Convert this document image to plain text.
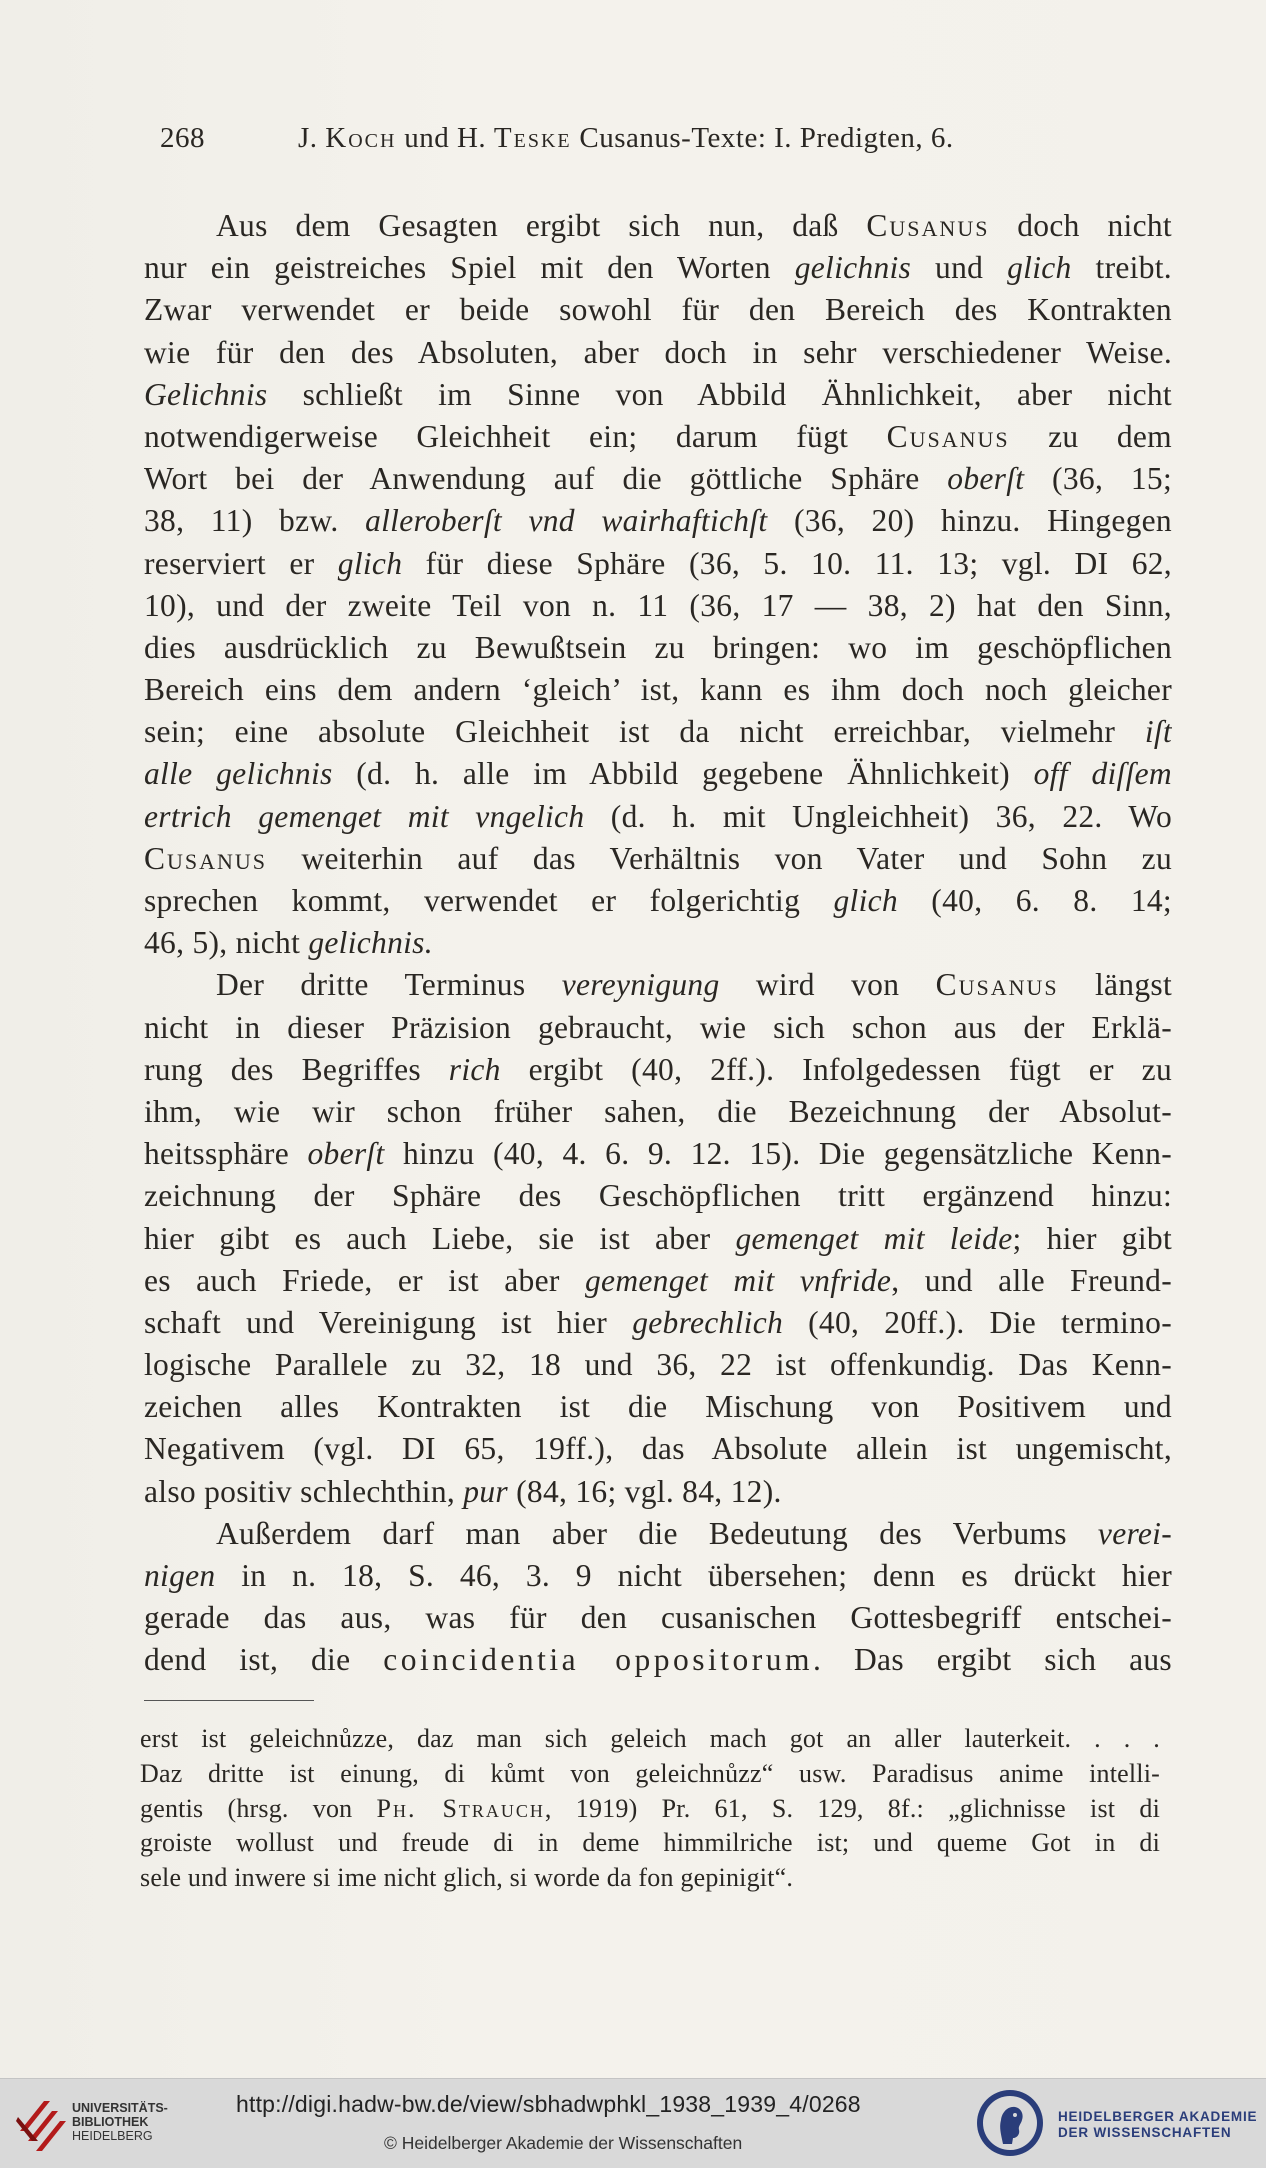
268	J. Koch und H. Teske Cusanus-Texte: I. Predigten, 6.
Aus dem Gesagten ergibt sich nun, daß Cusanus doch nicht
nur ein geistreiches Spiel mit den Worten gelichnis und glich treibt.
Zwar verwendet er beide sowohl für den Bereich des Kontrakten
wie für den des Absoluten, aber doch in sehr verschiedener Weise.
Gelichnis schließt im Sinne von Abbild Ähnlichkeit, aber nicht
notwendigerweise Gleichheit ein; darum fügt Cusanus zu dem
Wort bei der Anwendung auf die göttliche Sphäre oberſt (36, 15;
38, 11) bzw. alleroberſt vnd wairhaftichſt (36, 20) hinzu. Hingegen
reserviert er glich für diese Sphäre (36, 5. 10. 11. 13; vgl. DI 62,
10), und der zweite Teil von n. 11 (36, 17 — 38, 2) hat den Sinn,
dies ausdrücklich zu Bewußtsein zu bringen: wo im geschöpflichen
Bereich eins dem andern ‘gleich’ ist, kann es ihm doch noch gleicher
sein; eine absolute Gleichheit ist da nicht erreichbar, vielmehr iſt
alle gelichnis (d. h. alle im Abbild gegebene Ähnlichkeit) off diſſem
ertrich gemenget mit vngelich (d. h. mit Ungleichheit) 36, 22. Wo
Cusanus weiterhin auf das Verhältnis von Vater und Sohn zu
sprechen kommt, verwendet er folgerichtig glich (40, 6. 8. 14;
46, 5), nicht gelichnis.
Der dritte Terminus vereynigung wird von Cusanus längst
nicht in dieser Präzision gebraucht, wie sich schon aus der Erklä-
rung des Begriffes rich ergibt (40, 2ff.). Infolgedessen fügt er zu
ihm, wie wir schon früher sahen, die Bezeichnung der Absolut-
heitssphäre oberſt hinzu (40, 4. 6. 9. 12. 15). Die gegensätzliche Kenn-
zeichnung der Sphäre des Geschöpflichen tritt ergänzend hinzu:
hier gibt es auch Liebe, sie ist aber gemenget mit leide; hier gibt
es auch Friede, er ist aber gemenget mit vnfride, und alle Freund-
schaft und Vereinigung ist hier gebrechlich (40, 20ff.). Die termino-
logische Parallele zu 32, 18 und 36, 22 ist offenkundig. Das Kenn-
zeichen alles Kontrakten ist die Mischung von Positivem und
Negativem (vgl. DI 65, 19ff.), das Absolute allein ist ungemischt,
also positiv schlechthin, pur (84, 16; vgl. 84, 12).
Außerdem darf man aber die Bedeutung des Verbums verei-
nigen in n. 18, S. 46, 3. 9 nicht übersehen; denn es drückt hier
gerade das aus, was für den cusanischen Gottesbegriff entschei-
dend ist, die coincidentia oppositorum. Das ergibt sich aus
erst ist geleichnůzze, daz man sich geleich mach got an aller lauterkeit. . . .
Daz dritte ist einung, di kůmt von geleichnůzz“ usw. Paradisus anime intelli-
gentis (hrsg. von Ph. Strauch, 1919) Pr. 61, S. 129, 8f.: „glichnisse ist di
groiste wollust und freude di in deme himmilriche ist; und queme Got in di
sele und inwere si ime nicht glich, si worde da fon gepinigit“.
UNIVERSITÄTS-
BIBLIOTHEK
HEIDELBERG
http://digi.hadw-bw.de/view/sbhadwphkl_1938_1939_4/0268
© Heidelberger Akademie der Wissenschaften
HEIDELBERGER AKADEMIE
DER WISSENSCHAFTEN
